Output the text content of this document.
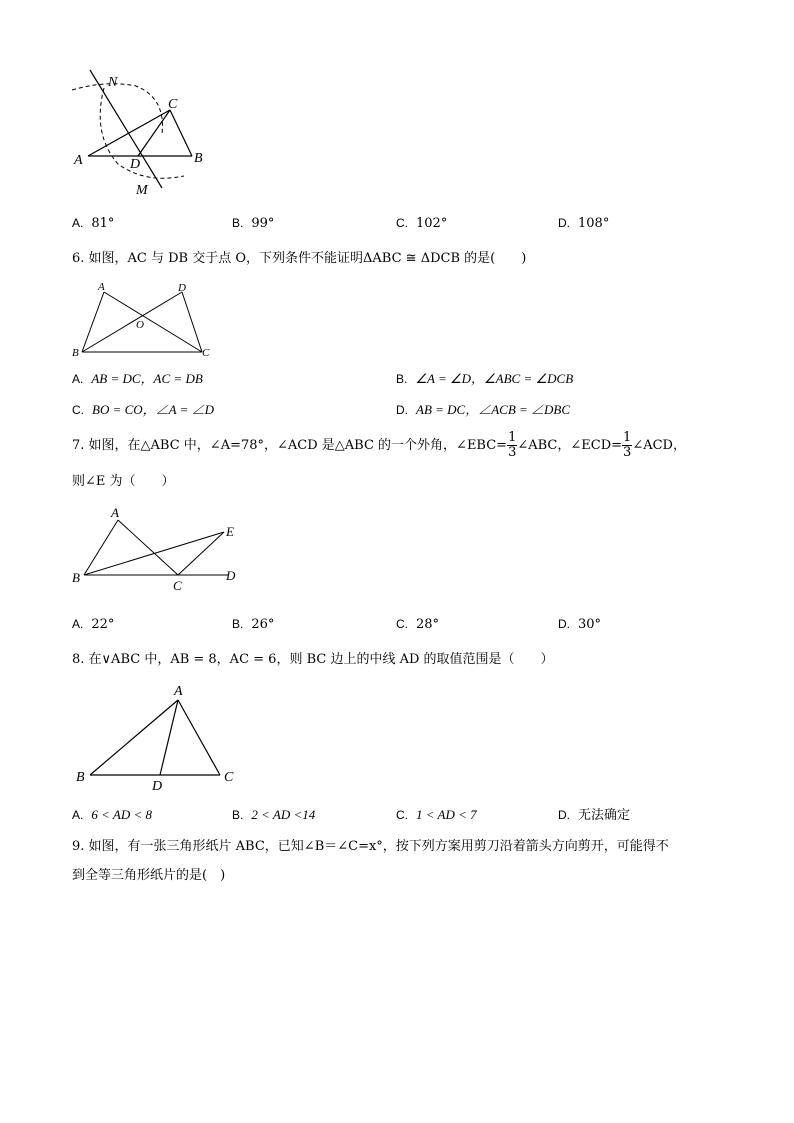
N
C
A	B
D
M
A. 81°	B. 99°	C. 102°	D. 108°
6. 如图，AC 与 DB 交于点 O，下列条件不能证明ΔABC ≅ ΔDCB 的是(　　)
A	D
O
B	C
A. AB = DC，AC = DB	B. ∠A = ∠D，∠ABC = ∠DCB
C. BO = CO，∠A = ∠D	D. AB = DC，∠ACB = ∠DBC
7. 如图，在△ABC 中，∠A=78°，∠ACD 是△ABC 的一个外角，∠EBC= $\frac{1}{3}$ ∠ABC，∠ECD= $\frac{1}{3}$ ∠ACD，
则∠E 为（　　）
A
E
B
C
D
A. 22°	B. 26°	C. 28°	D. 30°
8. 在∨ABC 中，AB = 8，AC = 6，则 BC 边上的中线 AD 的取值范围是（　　）
A
B
D
C
A. 6 < AD < 8	B. 2 < AD <14	C. 1 < AD < 7	D. 无法确定
9. 如图，有一张三角形纸片 ABC，已知∠B＝∠C=x°，按下列方案用剪刀沿着箭头方向剪开，可能得不
到全等三角形纸片的是(　)
